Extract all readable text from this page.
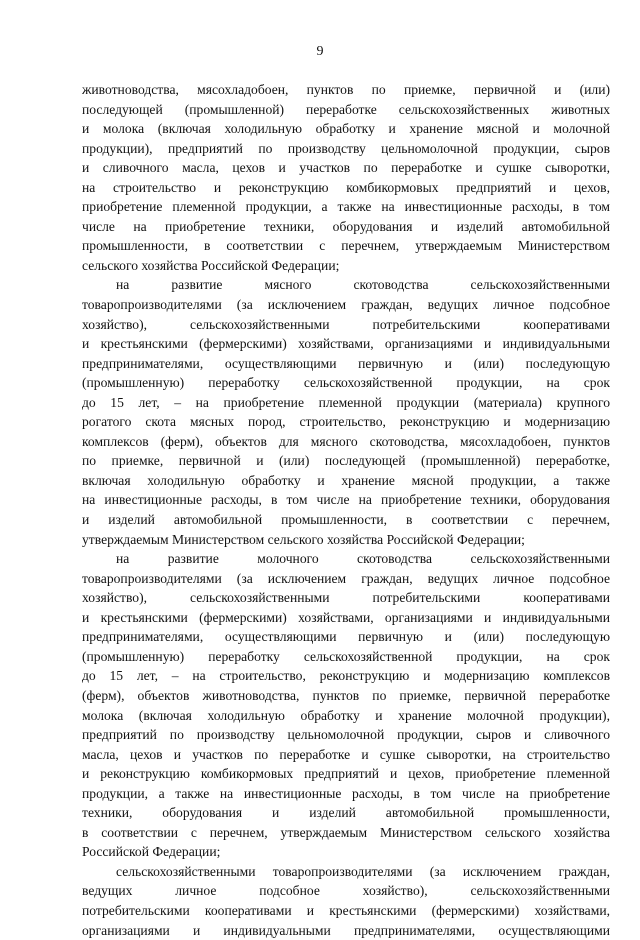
9
животноводства, мясохладобоен, пунктов по приемке, первичной и (или)
последующей (промышленной) переработке сельскохозяйственных животных
и молока (включая холодильную обработку и хранение мясной и молочной
продукции), предприятий по производству цельномолочной продукции, сыров
и сливочного масла, цехов и участков по переработке и сушке сыворотки,
на строительство и реконструкцию комбикормовых предприятий и цехов,
приобретение племенной продукции, а также на инвестиционные расходы, в том
числе на приобретение техники, оборудования и изделий автомобильной
промышленности, в соответствии с перечнем, утверждаемым Министерством
сельского хозяйства Российской Федерации;
на развитие мясного скотоводства сельскохозяйственными
товаропроизводителями (за исключением граждан, ведущих личное подсобное
хозяйство), сельскохозяйственными потребительскими кооперативами
и крестьянскими (фермерскими) хозяйствами, организациями и индивидуальными
предпринимателями, осуществляющими первичную и (или) последующую
(промышленную) переработку сельскохозяйственной продукции, на срок
до 15 лет, – на приобретение племенной продукции (материала) крупного
рогатого скота мясных пород, строительство, реконструкцию и модернизацию
комплексов (ферм), объектов для мясного скотоводства, мясохладобоен, пунктов
по приемке, первичной и (или) последующей (промышленной) переработке,
включая холодильную обработку и хранение мясной продукции, а также
на инвестиционные расходы, в том числе на приобретение техники, оборудования
и изделий автомобильной промышленности, в соответствии с перечнем,
утверждаемым Министерством сельского хозяйства Российской Федерации;
на развитие молочного скотоводства сельскохозяйственными
товаропроизводителями (за исключением граждан, ведущих личное подсобное
хозяйство), сельскохозяйственными потребительскими кооперативами
и крестьянскими (фермерскими) хозяйствами, организациями и индивидуальными
предпринимателями, осуществляющими первичную и (или) последующую
(промышленную) переработку сельскохозяйственной продукции, на срок
до 15 лет, – на строительство, реконструкцию и модернизацию комплексов
(ферм), объектов животноводства, пунктов по приемке, первичной переработке
молока (включая холодильную обработку и хранение молочной продукции),
предприятий по производству цельномолочной продукции, сыров и сливочного
масла, цехов и участков по переработке и сушке сыворотки, на строительство
и реконструкцию комбикормовых предприятий и цехов, приобретение племенной
продукции, а также на инвестиционные расходы, в том числе на приобретение
техники, оборудования и изделий автомобильной промышленности,
в соответствии с перечнем, утверждаемым Министерством сельского хозяйства
Российской Федерации;
сельскохозяйственными товаропроизводителями (за исключением граждан,
ведущих личное подсобное хозяйство), сельскохозяйственными
потребительскими кооперативами и крестьянскими (фермерскими) хозяйствами,
организациями и индивидуальными предпринимателями, осуществляющими
